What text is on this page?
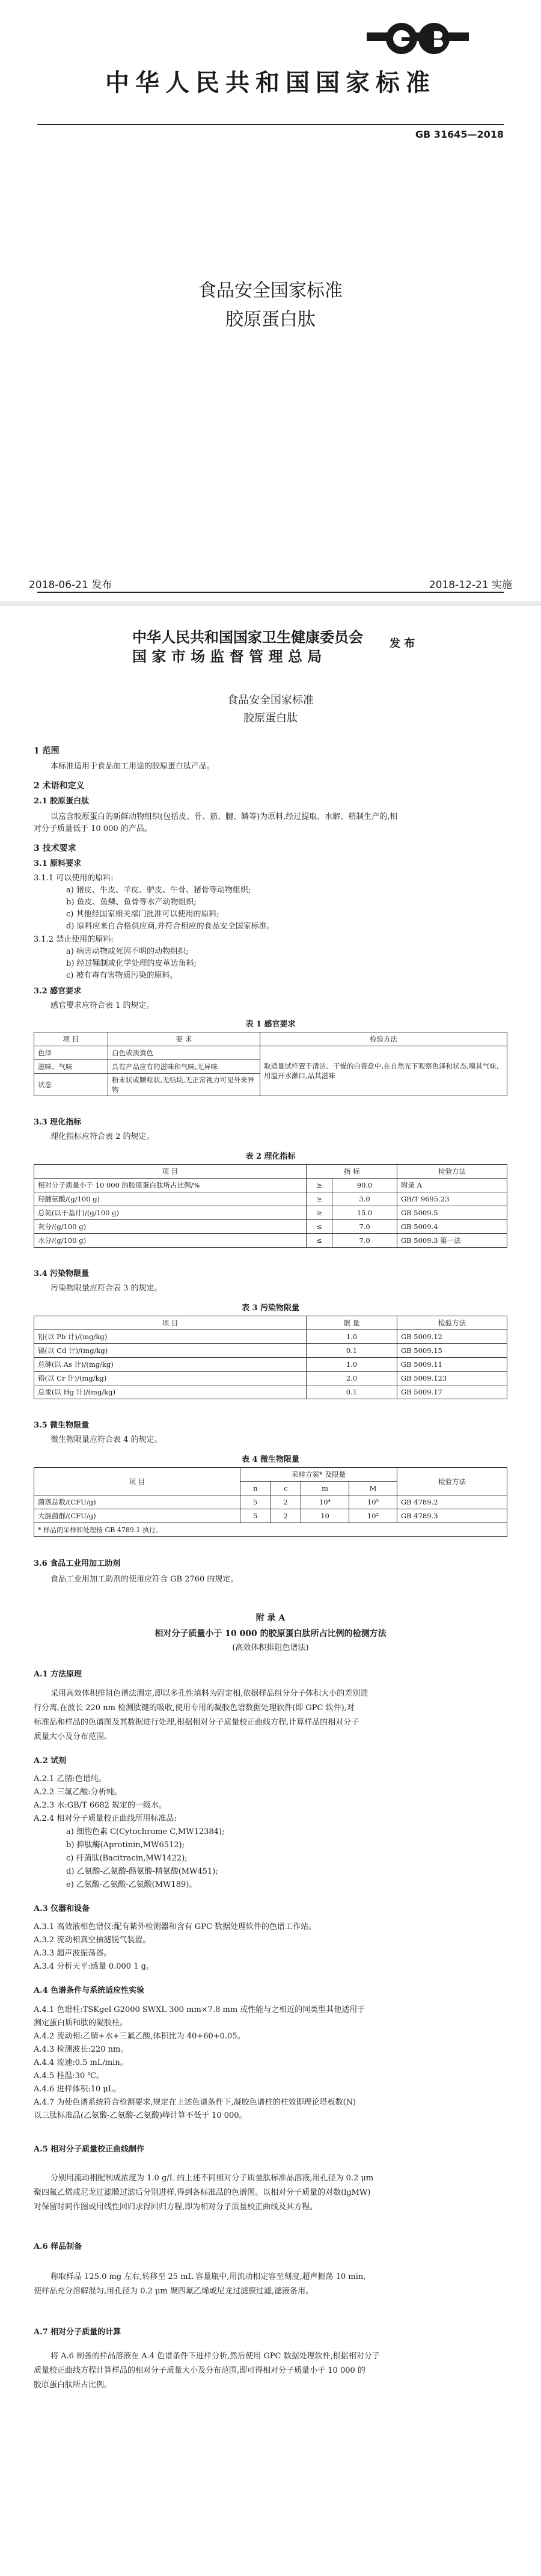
中华人民共和国国家标准
GB 31645—2018
食品安全国家标准
胶原蛋白肽
2018-06-21 发布	2018-12-21 实施
中华人民共和国国家卫生健康委员会
国 家 市 场 监 督 管 理 总 局
发 布
食品安全国家标准
胶原蛋白肽
1 范围
本标准适用于食品加工用途的胶原蛋白肽产品。
2 术语和定义
2.1 胶原蛋白肽
以富含胶原蛋白的新鲜动物组织(包括皮、骨、筋、腱、鳞等)为原料,经过提取、水解、精制生产的,相
对分子质量低于 10 000 的产品。
3 技术要求
3.1 原料要求
3.1.1 可以使用的原料:
a) 猪皮、牛皮、羊皮、驴皮、牛骨、猪骨等动物组织;
b) 鱼皮、鱼鳞、鱼骨等水产动物组织;
c) 其他经国家相关部门批准可以使用的原料;
d) 原料应来自合格供应商,并符合相应的食品安全国家标准。
3.1.2 禁止使用的原料:
a) 病害动物或死因不明的动物组织;
b) 经过鞣制或化学处理的皮革边角料;
c) 被有毒有害物质污染的原料。
3.2 感官要求
感官要求应符合表 1 的规定。
表 1 感官要求
项 目	要 求	检验方法
色泽	白色或淡黄色	取适量试样置于清洁、干燥的白瓷盘中,在自然光下观察色泽和状态,嗅其气味,用温开水漱口,品其滋味
滋味、气味	具有产品应有的滋味和气味,无异味	
状态	粉末状或颗粒状,无结块,无正常视力可见外来异物	
3.3 理化指标
理化指标应符合表 2 的规定。
表 2 理化指标
项 目	指 标		检验方法
相对分子质量小于 10 000 的胶原蛋白肽所占比例/%	≥	90.0	附录 A
羟脯氨酸/(g/100 g)	≥	3.0	GB/T 9695.23
总氮(以干基计)/(g/100 g)	≥	15.0	GB 5009.5
灰分/(g/100 g)	≤	7.0	GB 5009.4
水分/(g/100 g)	≤	7.0	GB 5009.3 第一法
3.4 污染物限量
污染物限量应符合表 3 的规定。
表 3 污染物限量
项 目	限 量	检验方法
铅(以 Pb 计)/(mg/kg)	1.0	GB 5009.12
镉(以 Cd 计)/(mg/kg)	0.1	GB 5009.15
总砷(以 As 计)/(mg/kg)	1.0	GB 5009.11
铬(以 Cr 计)/(mg/kg)	2.0	GB 5009.123
总汞(以 Hg 计)/(mg/kg)	0.1	GB 5009.17
3.5 微生物限量
微生物限量应符合表 4 的规定。
表 4 微生物限量
项 目	采样方案* 及限量				检验方法
	n	c	m	M	
菌落总数/(CFU/g)	5	2	10⁴	10⁵	GB 4789.2
大肠菌群/(CFU/g)	5	2	10	10²	GB 4789.3
* 样品的采样和处理按 GB 4789.1 执行。					
3.6 食品工业用加工助剂
食品工业用加工助剂的使用应符合 GB 2760 的规定。
附 录 A
相对分子质量小于 10 000 的胶原蛋白肽所占比例的检测方法
(高效体积排阻色谱法)
A.1 方法原理
采用高效体积排阻色谱法测定,即以多孔性填料为固定相,依据样品组分分子体积大小的差别进
行分离,在波长 220 nm 检测肽键的吸收,使用专用的凝胶色谱数据处理软件(即 GPC 软件),对
标准品和样品的色谱图及其数据进行处理,根据相对分子质量校正曲线方程,计算样品的相对分子
质量大小及分布范围。
A.2 试剂
A.2.1 乙腈:色谱纯。
A.2.2 三氟乙酸:分析纯。
A.2.3 水:GB/T 6682 规定的一级水。
A.2.4 相对分子质量校正曲线所用标准品:
a) 细胞色素 C(Cytochrome C,MW12384);
b) 抑肽酶(Aprotinin,MW6512);
c) 杆菌肽(Bacitracin,MW1422);
d) 乙氨酸-乙氨酸-酪氨酸-精氨酸(MW451);
e) 乙氨酸-乙氨酸-乙氨酸(MW189)。
A.3 仪器和设备
A.3.1 高效液相色谱仪:配有紫外检测器和含有 GPC 数据处理软件的色谱工作站。
A.3.2 流动相真空抽滤脱气装置。
A.3.3 超声波振荡器。
A.3.4 分析天平:感量 0.000 1 g。
A.4 色谱条件与系统适应性实验
A.4.1 色谱柱:TSKgel G2000 SWXL 300 mm×7.8 mm 或性能与之相近的同类型其他适用于
测定蛋白质和肽的凝胶柱。
A.4.2 流动相:乙腈+水+三氟乙酸,体积比为 40+60+0.05。
A.4.3 检测波长:220 nm。
A.4.4 流速:0.5 mL/min。
A.4.5 柱温:30 ℃。
A.4.6 进样体积:10 μL。
A.4.7 为使色谱系统符合检测要求,规定在上述色谱条件下,凝胶色谱柱的柱效即理论塔板数(N)
以三肽标准品(乙氨酸-乙氨酸-乙氨酸)峰计算不低于 10 000。
A.5 相对分子质量校正曲线制作
分别用流动相配制成浓度为 1.0 g/L 的上述不同相对分子质量肽标准品溶液,用孔径为 0.2 μm
聚四氟乙烯或尼龙过滤膜过滤后分别进样,得到各标准品的色谱图。以相对分子质量的对数(lgMW)
对保留时间作图或用线性回归求得回归方程,即为相对分子质量校正曲线及其方程。
A.6 样品制备
称取样品 125.0 mg 左右,转移至 25 mL 容量瓶中,用流动相定容至刻度,超声振荡 10 min,
使样品充分溶解混匀,用孔径为 0.2 μm 聚四氟乙烯或尼龙过滤膜过滤,滤液备用。
A.7 相对分子质量的计算
将 A.6 制备的样品溶液在 A.4 色谱条件下进样分析,然后使用 GPC 数据处理软件,根据相对分子
质量校正曲线方程计算样品的相对分子质量大小及分布范围,即可得相对分子质量小于 10 000 的
胶原蛋白肽所占比例。
